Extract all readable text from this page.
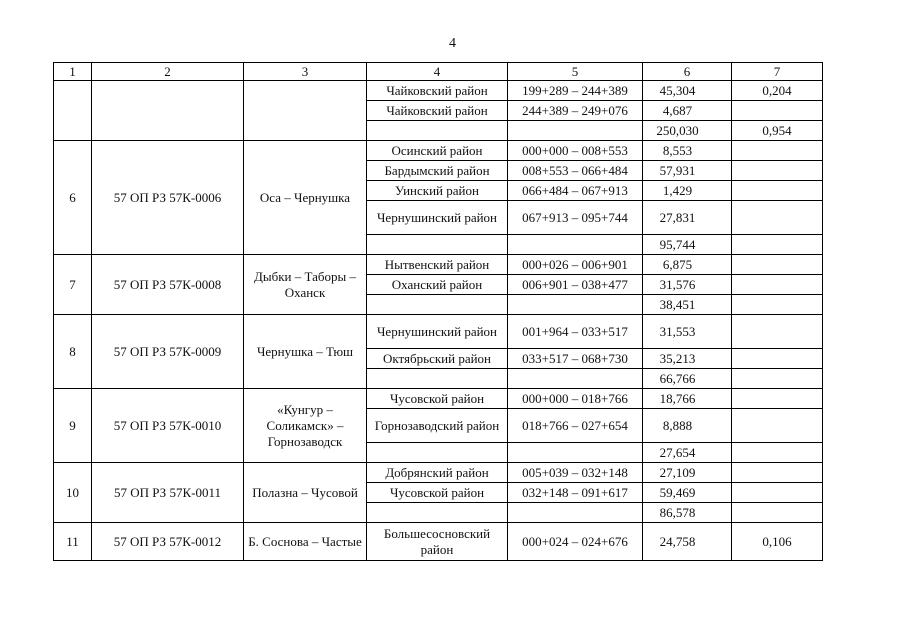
4
1	2	3	4	5	6	7
			Чайковский район	199+289 – 244+389	45,304	0,204
			Чайковский район	244+389 – 249+076	4,687	
					250,030	0,954
6	57 ОП РЗ 57К-0006	Оса – Чернушка	Осинский район	000+000 – 008+553	8,553	
			Бардымский район	008+553 – 066+484	57,931	
			Уинский район	066+484 – 067+913	1,429	
			Чернушинский район	067+913 – 095+744	27,831	
					95,744	
7	57 ОП РЗ 57К-0008	Дыбки – Таборы – Оханск	Нытвенский район	000+026 – 006+901	6,875	
			Оханский район	006+901 – 038+477	31,576	
					38,451	
8	57 ОП РЗ 57К-0009	Чернушка – Тюш	Чернушинский район	001+964 – 033+517	31,553	
			Октябрьский район	033+517 – 068+730	35,213	
					66,766	
9	57 ОП РЗ 57К-0010	«Кунгур – Соликамск» – Горнозаводск	Чусовской район	000+000 – 018+766	18,766	
			Горнозаводский район	018+766 – 027+654	8,888	
					27,654	
10	57 ОП РЗ 57К-0011	Полазна – Чусовой	Добрянский район	005+039 – 032+148	27,109	
			Чусовской район	032+148 – 091+617	59,469	
					86,578	
11	57 ОП РЗ 57К-0012	Б. Соснова – Частые	Большесосновский район	000+024 – 024+676	24,758	0,106
